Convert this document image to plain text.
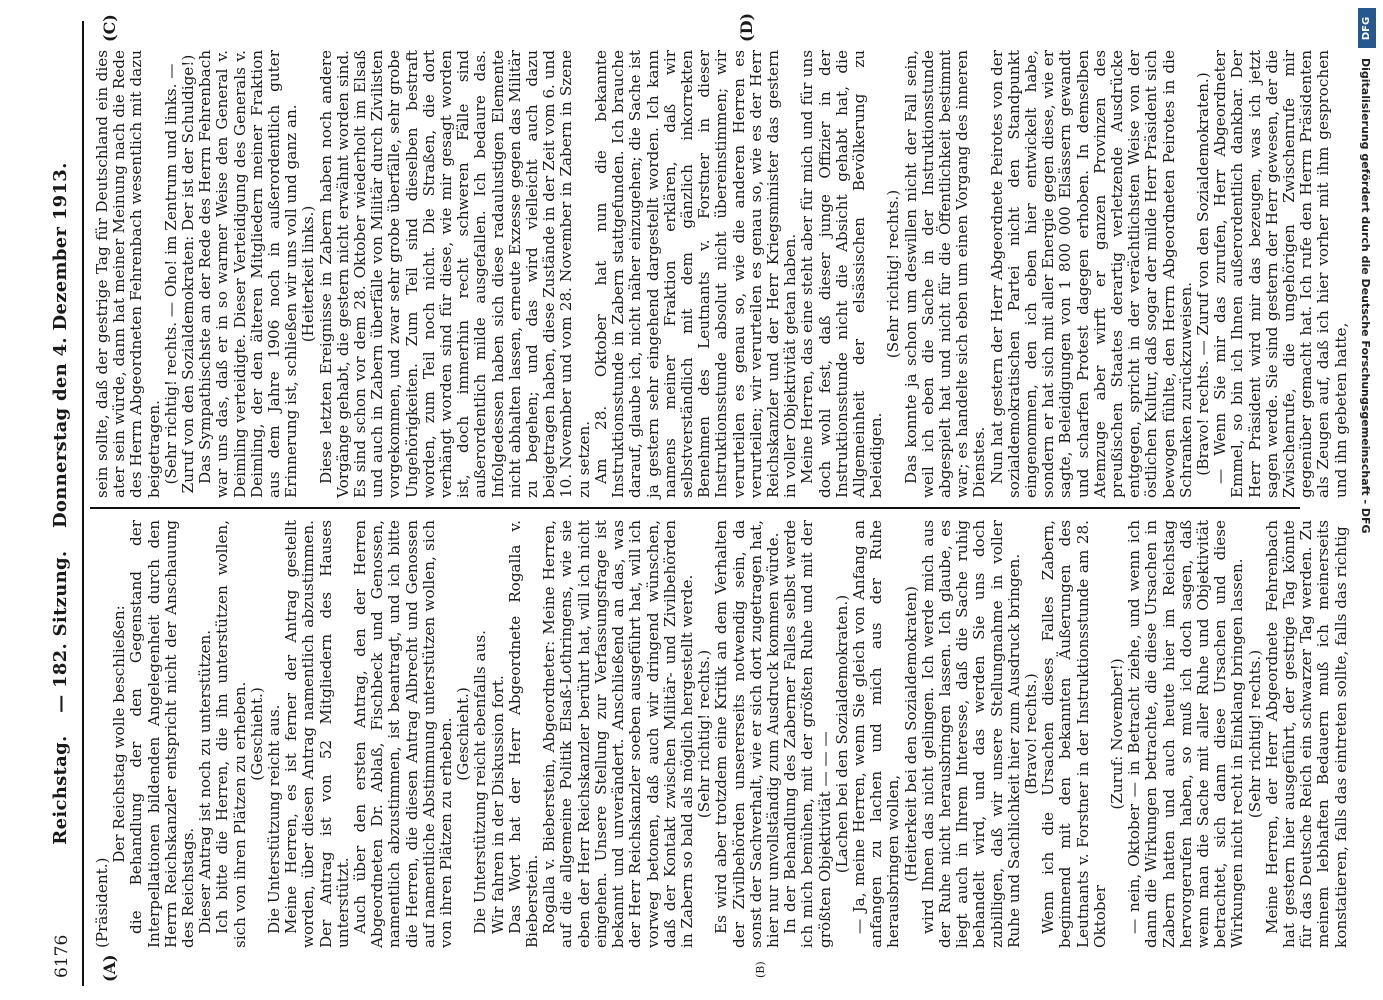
6176
Reichstag. — 182. Sitzung. Donnerstag den 4. Dezember 1913.
(A)	(B)
(C)	(D)

(Präsident.)

Der Reichstag wolle beschließen: die Behandlung der den Gegenstand der Interpellationen bildenden Angelegenheit durch den Herrn Reichskanzler entspricht nicht der Anschauung des Reichstags. Dieser Antrag ist noch zu unterstützen. Ich bitte die Herren, die ihn unterstützen wollen, sich von ihren Plätzen zu erheben. (Geschieht.) Die Unterstützung reicht aus. Meine Herren, es ist ferner der Antrag gestellt worden, über diesen Antrag namentlich abzustimmen. Der Antrag ist von 52 Mitgliedern des Hauses unterstützt. Auch über den ersten Antrag, den der Herren Abgeordneten Dr. Ablaß, Fischbeck und Genossen, namentlich abzustimmen, ist beantragt, und ich bitte die Herren, die diesen Antrag Albrecht und Genossen auf namentliche Abstimmung unterstützen wollen, sich von ihren Plätzen zu erheben. (Geschieht.) Die Unterstützung reicht ebenfalls aus. Wir fahren in der Diskussion fort. Das Wort hat der Herr Abgeordnete Rogalla v. Bieberstein. Rogalla v. Bieberstein, Abgeordneter: Meine Herren, auf die allgemeine Politik Elsaß-Lothringens, wie sie eben der Herr Reichskanzler berührt hat, will ich nicht eingehen. Unsere Stellung zur Verfassungsfrage ist bekannt und unverändert. Anschließend an das, was der Herr Reichskanzler soeben ausgeführt hat, will ich vorweg betonen, daß auch wir dringend wünschen, daß der Kontakt zwischen Militär- und Zivilbehörden in Zabern so bald als möglich hergestellt werde. (Sehr richtig! rechts.) Es wird aber trotzdem eine Kritik an dem Verhalten der Zivilbehörden unsererseits notwendig sein, da sonst der Sachverhalt, wie er sich dort zugetragen hat, hier nur unvollständig zum Ausdruck kommen würde. In der Behandlung des Zaberner Falles selbst werde ich mich bemühen, mit der größten Ruhe und mit der größten Objektivität — — — (Lachen bei den Sozialdemokraten.) — Ja, meine Herren, wenn Sie gleich von Anfang an anfangen zu lachen und mich aus der Ruhe herausbringen wollen, (Heiterkeit bei den Sozialdemokraten) wird Ihnen das nicht gelingen. Ich werde mich aus der Ruhe nicht herausbringen lassen. Ich glaube, es liegt auch in Ihrem Interesse, daß die Sache ruhig behandelt wird, und das werden Sie uns doch zubilligen, daß wir unsere Stellungnahme in voller Ruhe und Sachlichkeit hier zum Ausdruck bringen. (Bravo! rechts.) Wenn ich die Ursachen dieses Falles Zabern, beginnend mit den bekannten Äußerungen des Leutnants v. Forstner in der Instruktionsstunde am 28. Oktober

(Zuruf: November!) — nein, Oktober — in Betracht ziehe, und wenn ich dann die Wirkungen betrachte, die diese Ursachen in Zabern hatten und auch heute hier im Reichstag hervorgerufen haben, so muß ich doch sagen, daß wenn man die Sache mit aller Ruhe und Objektivität betrachtet, sich dann diese Ursachen und diese Wirkungen nicht recht in Einklang bringen lassen. (Sehr richtig! rechts.) Meine Herren, der Herr Abgeordnete Fehrenbach hat gestern hier ausgeführt, der gestrige Tag könnte für das Deutsche Reich ein schwarzer Tag werden. Zu meinem lebhaften Bedauern muß ich meinerseits konstatieren, falls das eintreten sollte, falls das richtig

sein sollte, daß der gestrige Tag für Deutschland ein dies ater sein würde, dann hat meiner Meinung nach die Rede des Herrn Abgeordneten Fehrenbach wesentlich mit dazu beigetragen. (Sehr richtig! rechts. — Oho! im Zentrum und links. — Zuruf von den Sozialdemokraten: Der ist der Schuldige!) Das Sympathischste an der Rede des Herrn Fehrenbach war uns das, daß er in so warmer Weise den General v. Deimling verteidigte. Dieser Verteidigung des Generals v. Deimling, der den älteren Mitgliedern meiner Fraktion aus dem Jahre 1906 noch in außerordentlich guter Erinnerung ist, schließen wir uns voll und ganz an. (Heiterkeit links.) Diese letzten Ereignisse in Zabern haben noch andere Vorgänge gehabt, die gestern nicht erwähnt worden sind. Es sind schon vor dem 28. Oktober wiederholt im Elsaß und auch in Zabern überfälle von Militär durch Zivilisten vorgekommen, und zwar sehr grobe überfälle, sehr grobe Ungehörigkeiten. Zum Teil sind dieselben bestraft worden, zum Teil noch nicht. Die Straßen, die dort verhängt worden sind für diese, wie mir gesagt worden ist, doch immerhin recht schweren Fälle sind außerordentlich milde ausgefallen. Ich bedaure das. Infolgedessen haben sich diese radaulustigen Elemente nicht abhalten lassen, erneute Exzesse gegen das Militär zu begehen; und das wird vielleicht auch dazu beigetragen haben, diese Zustände in der Zeit vom 6. und 10. November und vom 28. November in Zabern in Szene zu setzen. Am 28. Oktober hat nun die bekannte Instruktionsstunde in Zabern stattgefunden. Ich brauche darauf, glaube ich, nicht näher einzugehen; die Sache ist ja gestern sehr eingehend dargestellt worden. Ich kann namens meiner Fraktion erklären, daß wir selbstverständlich mit dem gänzlich inkorrekten Benehmen des Leutnants v. Forstner in dieser Instruktionsstunde absolut nicht übereinstimmen; wir verurteilen es genau so, wie die anderen Herren es verurteilen; wir verurteilen es genau so, wie es der Herr Reichskanzler und der Herr Kriegsminister das gestern in voller Objektivität getan haben. Meine Herren, das eine steht aber für mich und für uns doch wohl fest, daß dieser junge Offizier in der Instruktionsstunde nicht die Absicht gehabt hat, die Allgemeinheit der elsässischen Bevölkerung zu beleidigen.

(Sehr richtig! rechts.) Das konnte ja schon um deswillen nicht der Fall sein, weil ich eben die Sache in der Instruktionsstunde abgespielt hat und nicht für die Öffentlichkeit bestimmt war; es handelte sich eben um einen Vorgang des inneren Dienstes. Nun hat gestern der Herr Abgeordnete Peirotes von der sozialdemokratischen Partei nicht den Standpunkt eingenommen, den ich eben hier entwickelt habe, sondern er hat sich mit aller Energie gegen diese, wie er sagte, Beleidigungen von 1 800 000 Elsässern gewandt und scharfen Protest dagegen erhoben. In demselben Atemzuge aber wirft er ganzen Provinzen des preußischen Staates derartig verletzende Ausdrücke entgegen, spricht in der verächtlichsten Weise von der östlichen Kultur, daß sogar der milde Herr Präsident sich bewogen fühlte, den Herrn Abgeordneten Peirotes in die Schranken zurückzuweisen. (Bravo! rechts. — Zuruf von den Sozialdemokraten.) — Wenn Sie mir das zurufen, Herr Abgeordneter Emmel, so bin ich Ihnen außerordentlich dankbar. Der Herr Präsident wird mir das bezeugen, was ich jetzt sagen werde. Sie sind gestern der Herr gewesen, der die Zwischenrufe, die ungehörigen Zwischenrufe mir gegenüber gemacht hat. Ich rufe den Herrn Präsidenten als Zeugen auf, daß ich hier vorher mit ihm gesprochen und ihn gebeten hatte,

DFG
Digitalisierung gefördert durch die Deutsche Forschungsgemeinschaft - DFG
